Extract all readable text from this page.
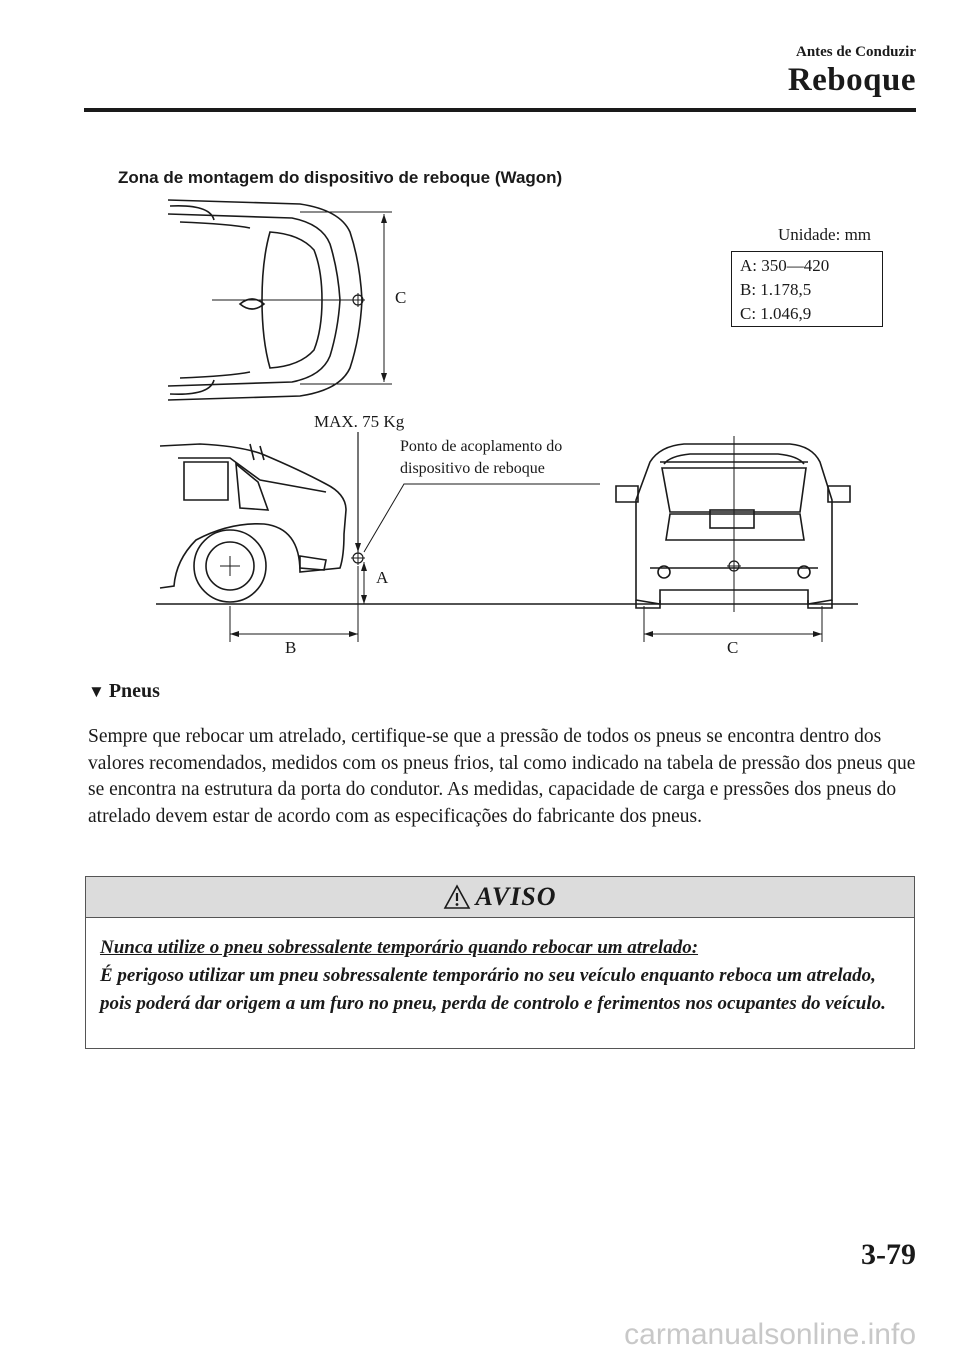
Antes de Conduzir
Reboque
Zona de montagem do dispositivo de reboque (Wagon)
Unidade: mm
A: 350—420
B: 1.178,5
C: 1.046,9
C
MAX. 75 Kg
Ponto de acoplamento do
dispositivo de reboque
A
B	C
▼ Pneus
Sempre que rebocar um atrelado, certifique-se que a pressão de todos os pneus se encontra dentro dos valores recomendados, medidos com os pneus frios, tal como indicado na tabela de pressão dos pneus que se encontra na estrutura da porta do condutor. As medidas, capacidade de carga e pressões dos pneus do atrelado devem estar de acordo com as especificações do fabricante dos pneus.
AVISO
Nunca utilize o pneu sobressalente temporário quando rebocar um atrelado:
É perigoso utilizar um pneu sobressalente temporário no seu veículo enquanto reboca um atrelado, pois poderá dar origem a um furo no pneu, perda de controlo e ferimentos nos ocupantes do veículo.
3-79
carmanualsonline.info
